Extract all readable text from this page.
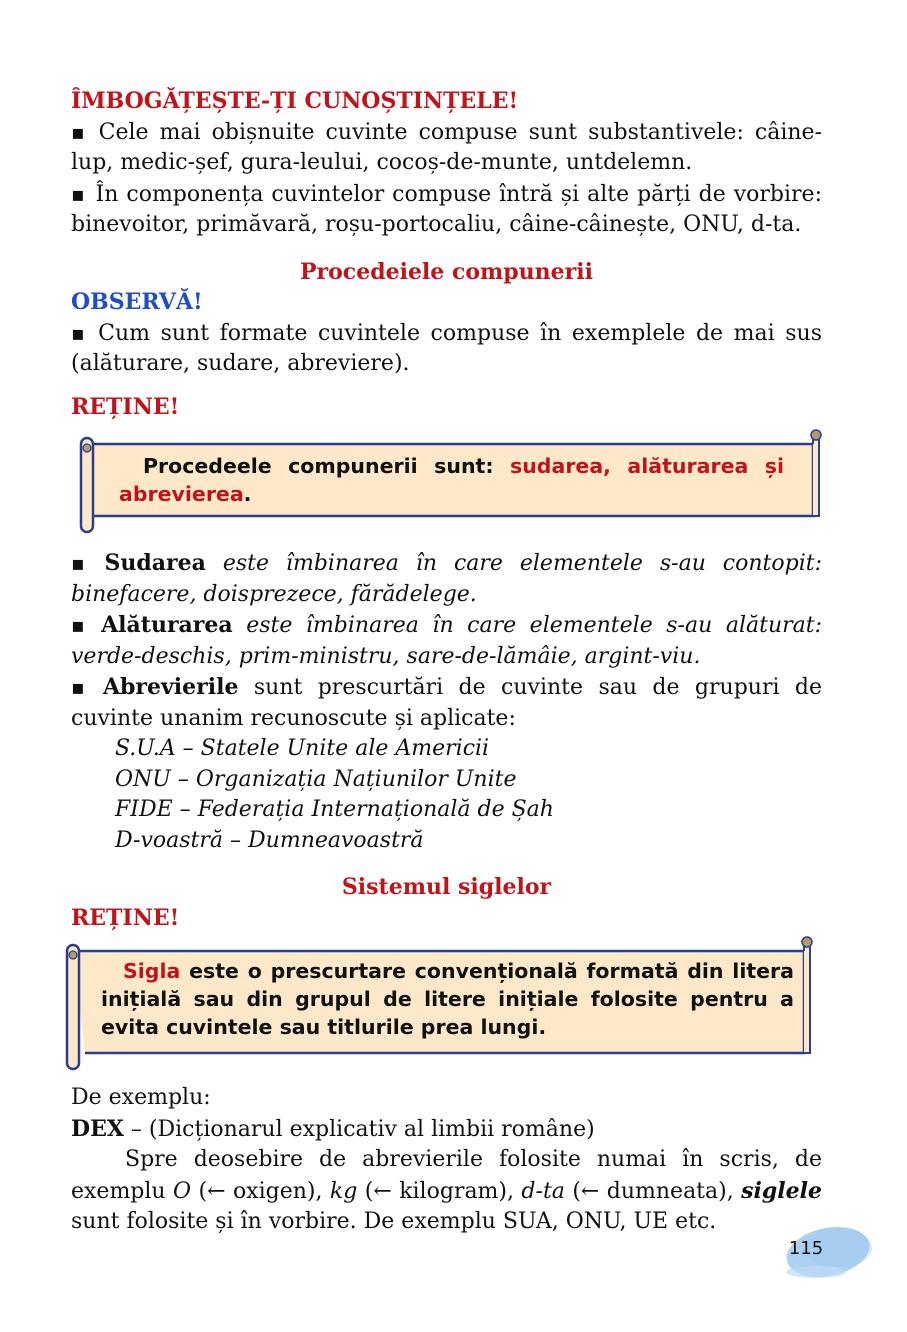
ÎMBOGĂȚEȘTE-ȚI CUNOȘTINȚELE!

▪ Cele mai obișnuite cuvinte compuse sunt substantivele: câine-lup, medic-șef, gura-leului, cocoș-de-munte, untdelemn.

▪ În componența cuvintelor compuse întră și alte părți de vorbire: binevoitor, primăvară, roșu-portocaliu, câine-câinește, ONU, d-ta.

Procedeiele compunerii

OBSERVĂ!

▪ Cum sunt formate cuvintele compuse în exemplele de mai sus (alăturare, sudare, abreviere).

REȚINE!

Procedeele compunerii sunt: sudarea, alăturarea și abrevierea.

▪ Sudarea este îmbinarea în care elementele s-au contopit: binefacere, doisprezece, fărădelege.

▪ Alăturarea este îmbinarea în care elementele s-au alăturat: verde-deschis, prim-ministru, sare-de-lămâie, argint-viu.

▪ Abrevierile sunt prescurtări de cuvinte sau de grupuri de cuvinte unanim recunoscute și aplicate:

S.U.A – Statele Unite ale Americii

ONU – Organizația Națiunilor Unite

FIDE – Federația Internațională de Șah

D-voastră – Dumneavoastră

Sistemul siglelor

REȚINE!

Sigla este o prescurtare convențională formată din litera inițială sau din grupul de litere inițiale folosite pentru a evita cuvintele sau titlurile prea lungi.

De exemplu:

DEX – (Dicționarul explicativ al limbii române)

Spre deosebire de abrevierile folosite numai în scris, de exemplu O (← oxigen), kg (← kilogram), d-ta (← dumneata), siglele sunt folosite și în vorbire. De exemplu SUA, ONU, UE etc.

115
